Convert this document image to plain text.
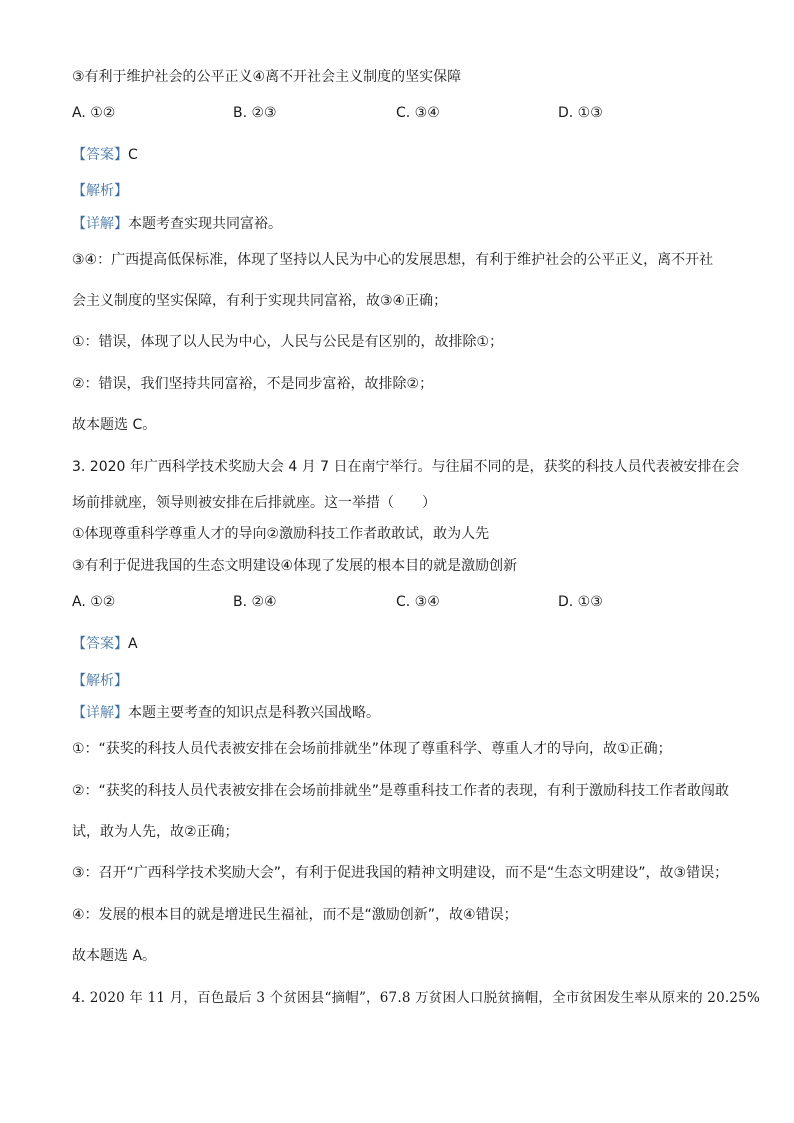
③有利于维护社会的公平正义④离不开社会主义制度的坚实保障
A. ①②	B. ②③	C. ③④	D. ①③
【答案】C
【解析】
【详解】本题考查实现共同富裕。
③④：广西提高低保标准，体现了坚持以人民为中心的发展思想，有利于维护社会的公平正义，离不开社
会主义制度的坚实保障，有利于实现共同富裕，故③④正确；
①：错误，体现了以人民为中心，人民与公民是有区别的，故排除①；
②：错误，我们坚持共同富裕，不是同步富裕，故排除②；
故本题选 C。
3. 2020 年广西科学技术奖励大会 4 月 7 日在南宁举行。与往届不同的是，获奖的科技人员代表被安排在会
场前排就座，领导则被安排在后排就座。这一举措（　　）
①体现尊重科学尊重人才的导向②激励科技工作者敢敢试，敢为人先
③有利于促进我国的生态文明建设④体现了发展的根本目的就是激励创新
A. ①②	B. ②④	C. ③④	D. ①③
【答案】A
【解析】
【详解】本题主要考查的知识点是科教兴国战略。
①：“获奖的科技人员代表被安排在会场前排就坐”体现了尊重科学、尊重人才的导向，故①正确；
②：“获奖的科技人员代表被安排在会场前排就坐”是尊重科技工作者的表现，有利于激励科技工作者敢闯敢
试，敢为人先，故②正确；
③：召开“广西科学技术奖励大会”，有利于促进我国的精神文明建设，而不是“生态文明建设”，故③错误；
④：发展的根本目的就是增进民生福祉，而不是“激励创新”，故④错误；
故本题选 A。
4. 2020 年 11 月，百色最后 3 个贫困县“摘帽”，67.8 万贫困人口脱贫摘帽，全市贫困发生率从原来的 20.25%
